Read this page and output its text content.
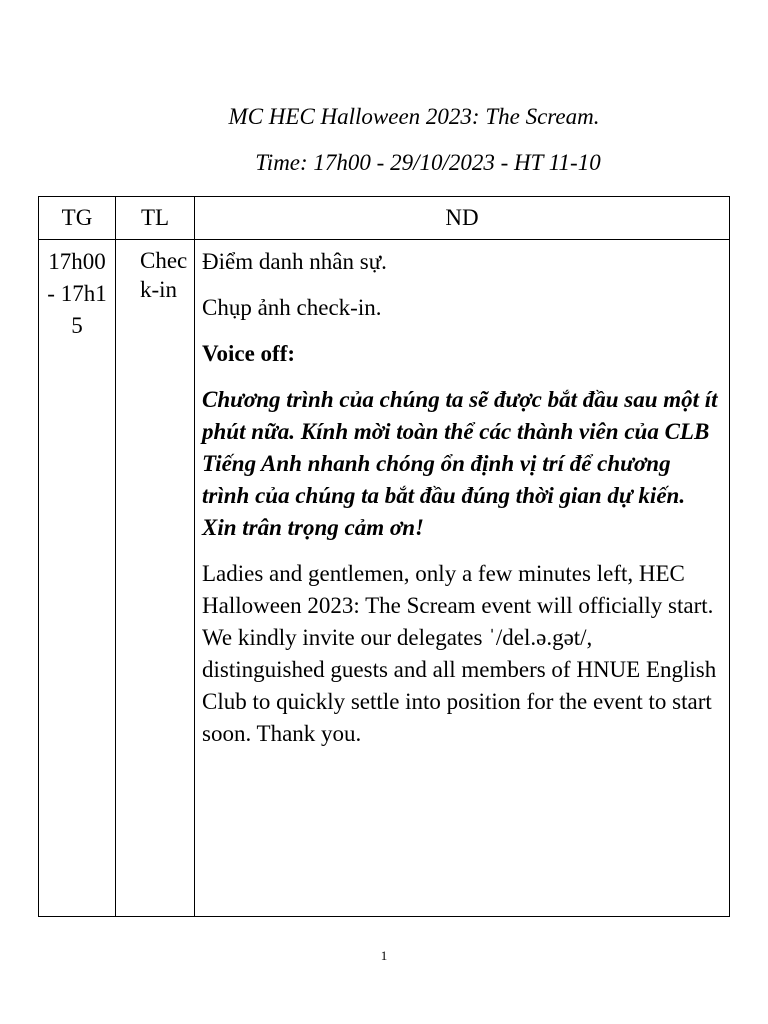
MC HEC Halloween 2023: The Scream.
Time: 17h00 - 29/10/2023 - HT 11-10
TG	TL	ND
17h00 - 17h15	Check-in	Điểm danh nhân sự.

Chụp ảnh check-in.

Voice off:

Chương trình của chúng ta sẽ được bắt đầu sau một ít phút nữa. Kính mời toàn thể các thành viên của CLB Tiếng Anh nhanh chóng ổn định vị trí để chương trình của chúng ta bắt đầu đúng thời gian dự kiến. Xin trân trọng cảm ơn!

Ladies and gentlemen, only a few minutes left, HEC Halloween 2023: The Scream event will officially start. We kindly invite our delegates ˈ/del.ə.gət/, distinguished guests and all members of HNUE English Club to quickly settle into position for the event to start soon. Thank you.

1
